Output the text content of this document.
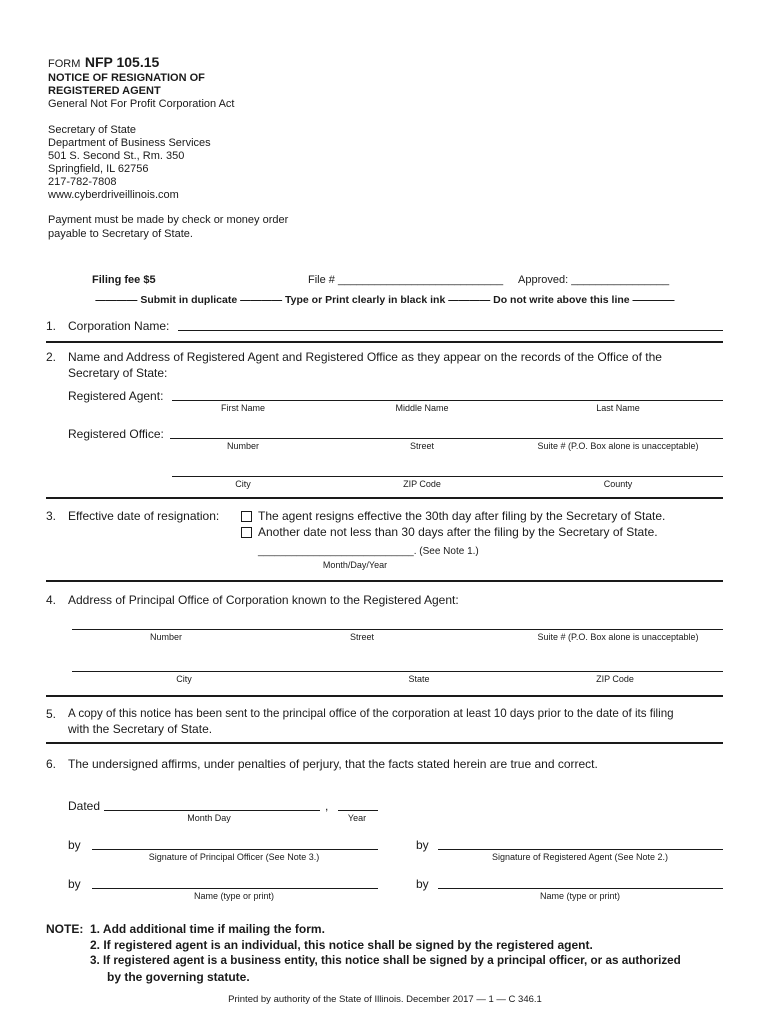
FORM NFP 105.15
NOTICE OF RESIGNATION OF
REGISTERED AGENT
General Not For Profit Corporation Act
Secretary of State
Department of Business Services
501 S. Second St., Rm. 350
Springfield, IL 62756
217-782-7808
www.cyberdriveillinois.com
Payment must be made by check or money order
payable to Secretary of State.
Filing fee $5	File # ___________________________ Approved: ________________
———— Submit in duplicate ———— Type or Print clearly in black ink ———— Do not write above this line ————
1. Corporation Name:
2. Name and Address of Registered Agent and Registered Office as they appear on the records of the Office of the
Secretary of State:
Registered Agent:
First Name	Middle Name	Last Name
Registered Office:
Number	Street	Suite # (P.O. Box alone is unacceptable)
City	ZIP Code	County
3. Effective date of resignation:	The agent resigns effective the 30th day after filing by the Secretary of State.
Another date not less than 30 days after the filing by the Secretary of State.
____________________________. (See Note 1.)
Month/Day/Year
4. Address of Principal Office of Corporation known to the Registered Agent:
Number	Street	Suite # (P.O. Box alone is unacceptable)
City	State	ZIP Code
5. A copy of this notice has been sent to the principal office of the corporation at least 10 days prior to the date of its filing
with the Secretary of State.
6. The undersigned affirms, under penalties of perjury, that the facts stated herein are true and correct.
Dated	,
Month Day	Year
by
Signature of Principal Officer (See Note 3.)
by
Signature of Registered Agent (See Note 2.)
by
Name (type or print)
by
Name (type or print)
NOTE: 1. Add additional time if mailing the form.
2. If registered agent is an individual, this notice shall be signed by the registered agent.
3. If registered agent is a business entity, this notice shall be signed by a principal officer, or as authorized
by the governing statute.
Printed by authority of the State of Illinois. December 2017 — 1 — C 346.1
